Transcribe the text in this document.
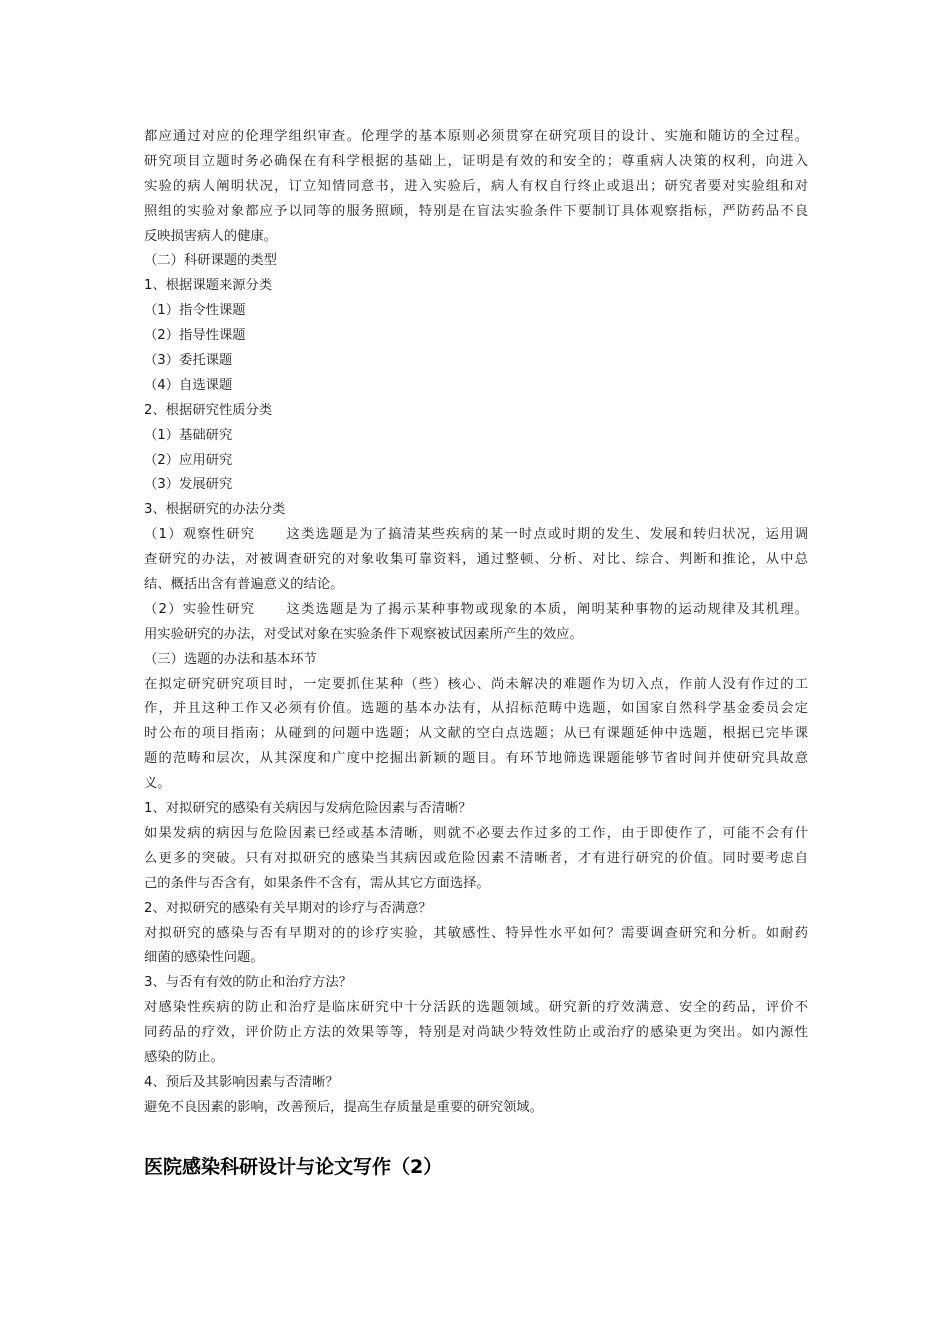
都应通过对应的伦理学组织审查。伦理学的基本原则必须贯穿在研究项目的设计、实施和随访的全过程。
研究项目立题时务必确保在有科学根据的基础上，证明是有效的和安全的；尊重病人决策的权利，向进入
实验的病人阐明状况，订立知情同意书，进入实验后，病人有权自行终止或退出；研究者要对实验组和对
照组的实验对象都应予以同等的服务照顾，特别是在盲法实验条件下要制订具体观察指标，严防药品不良
反映损害病人的健康。
（二）科研课题的类型
1、根据课题来源分类
（1）指令性课题
（2）指导性课题
（3）委托课题
（4）自选课题
2、根据研究性质分类
（1）基础研究
（2）应用研究
（3）发展研究
3、根据研究的办法分类
（1）观察性研究 这类选题是为了搞清某些疾病的某一时点或时期的发生、发展和转归状况，运用调
查研究的办法，对被调查研究的对象收集可靠资料，通过整顿、分析、对比、综合、判断和推论，从中总
结、概括出含有普遍意义的结论。
（2）实验性研究 这类选题是为了揭示某种事物或现象的本质，阐明某种事物的运动规律及其机理。
用实验研究的办法，对受试对象在实验条件下观察被试因素所产生的效应。
（三）选题的办法和基本环节
在拟定研究研究项目时，一定要抓住某种（些）核心、尚未解决的难题作为切入点，作前人没有作过的工
作，并且这种工作又必须有价值。选题的基本办法有，从招标范畴中选题，如国家自然科学基金委员会定
时公布的项目指南；从碰到的问题中选题；从文献的空白点选题；从已有课题延伸中选题，根据已完毕课
题的范畴和层次，从其深度和广度中挖掘出新颖的题目。有环节地筛选课题能够节省时间并使研究具故意
义。
1、对拟研究的感染有关病因与发病危险因素与否清晰？
如果发病的病因与危险因素已经或基本清晰，则就不必要去作过多的工作，由于即使作了，可能不会有什
么更多的突破。只有对拟研究的感染当其病因或危险因素不清晰者，才有进行研究的价值。同时要考虑自
己的条件与否含有，如果条件不含有，需从其它方面选择。
2、对拟研究的感染有关早期对的诊疗与否满意？
对拟研究的感染与否有早期对的的诊疗实验，其敏感性、特异性水平如何？需要调查研究和分析。如耐药
细菌的感染性问题。
3、与否有有效的防止和治疗方法？
对感染性疾病的防止和治疗是临床研究中十分活跃的选题领域。研究新的疗效满意、安全的药品，评价不
同药品的疗效，评价防止方法的效果等等，特别是对尚缺少特效性防止或治疗的感染更为突出。如内源性
感染的防止。
4、预后及其影响因素与否清晰？
避免不良因素的影响，改善预后，提高生存质量是重要的研究领域。
医院感染科研设计与论文写作（2）
